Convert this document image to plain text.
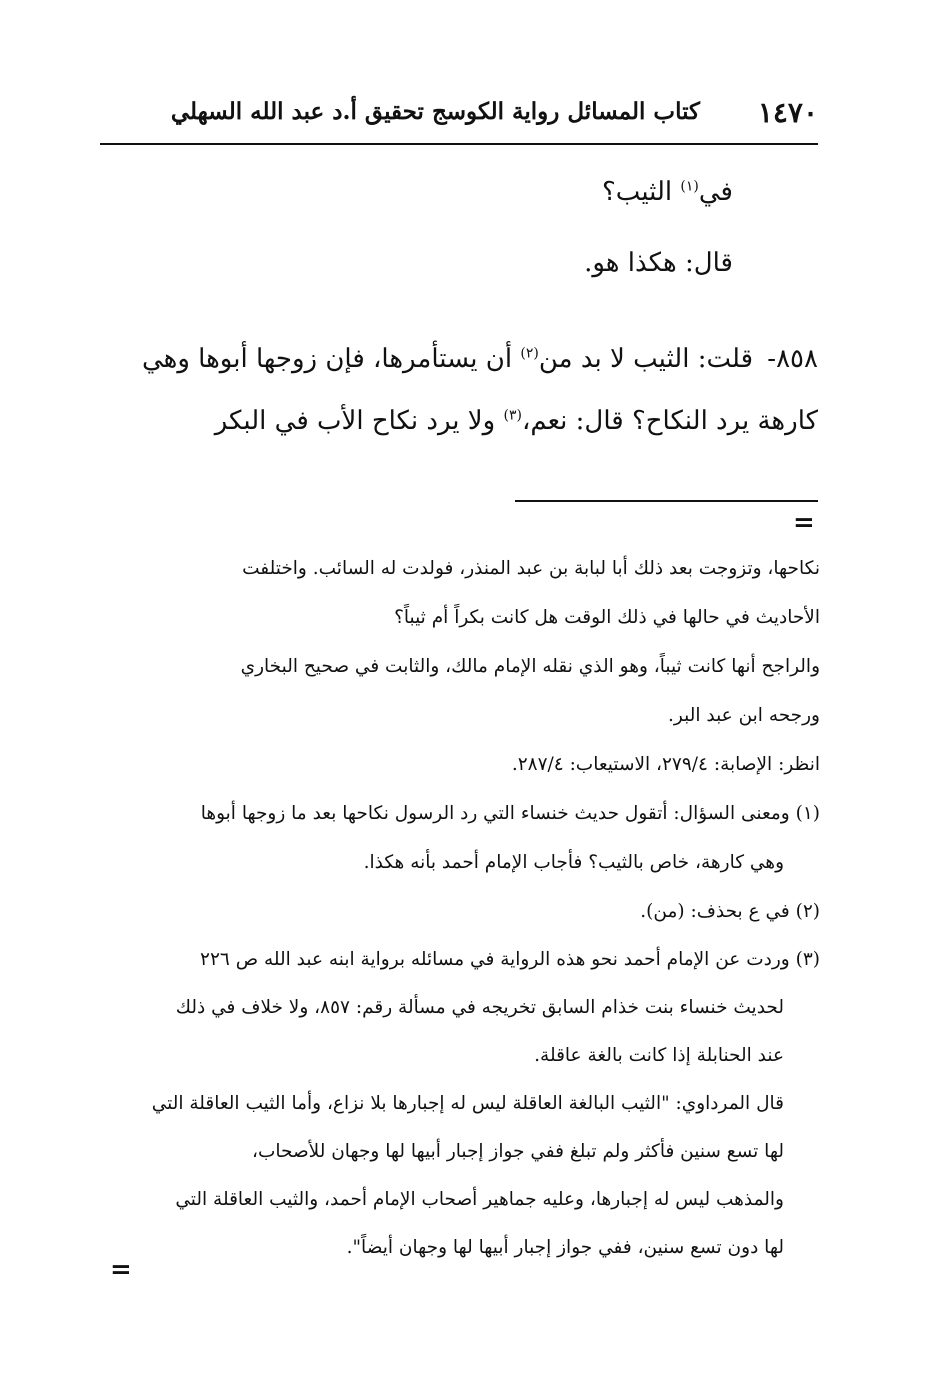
١٤٧٠
كتاب المسائل رواية الكوسج تحقيق أ.د عبد الله السهلي
في$^{(١)}$ الثيب؟
قال: هكذا هو.
٨٥٨- قلت: الثيب لا بد من$^{(٢)}$ أن يستأمرها، فإن زوجها أبوها وهي
كارهة يرد النكاح؟ قال: نعم،$^{(٣)}$ ولا يرد نكاح الأب في البكر
=
نكاحها، وتزوجت بعد ذلك أبا لبابة بن عبد المنذر، فولدت له السائب. واختلفت
الأحاديث في حالها في ذلك الوقت هل كانت بكراً أم ثيباً؟
والراجح أنها كانت ثيباً، وهو الذي نقله الإمام مالك، والثابت في صحيح البخاري
ورجحه ابن عبد البر.
انظر: الإصابة: ٢٧٩/٤، الاستيعاب: ٢٨٧/٤.
(١) ومعنى السؤال: أتقول حديث خنساء التي رد الرسول نكاحها بعد ما زوجها أبوها
وهي كارهة، خاص بالثيب؟ فأجاب الإمام أحمد بأنه هكذا.
(٢) في ع بحذف: (من).
(٣) وردت عن الإمام أحمد نحو هذه الرواية في مسائله برواية ابنه عبد الله ص ٢٢٦
لحديث خنساء بنت خذام السابق تخريجه في مسألة رقم: ٨٥٧، ولا خلاف في ذلك
عند الحنابلة إذا كانت بالغة عاقلة.
قال المرداوي: "الثيب البالغة العاقلة ليس له إجبارها بلا نزاع، وأما الثيب العاقلة التي
لها تسع سنين فأكثر ولم تبلغ ففي جواز إجبار أبيها لها وجهان للأصحاب،
والمذهب ليس له إجبارها، وعليه جماهير أصحاب الإمام أحمد، والثيب العاقلة التي
لها دون تسع سنين، ففي جواز إجبار أبيها لها وجهان أيضاً".
=
